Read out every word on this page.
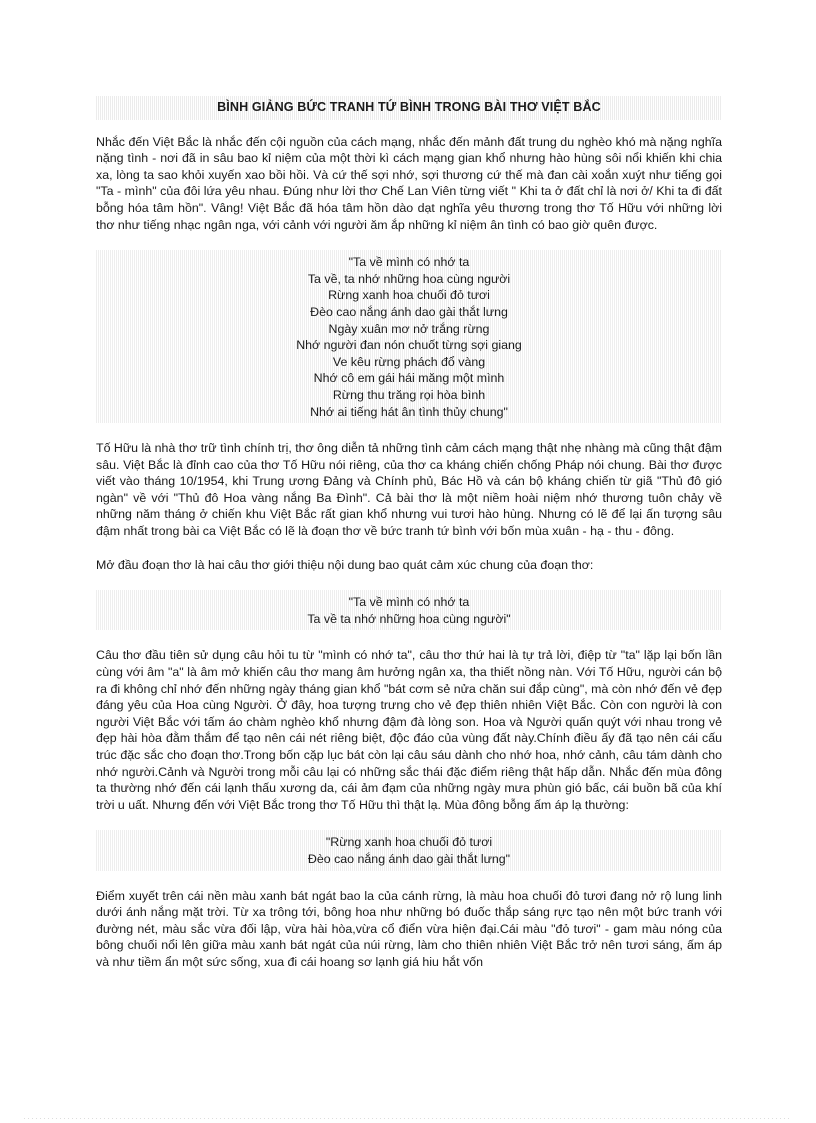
BÌNH GIẢNG BỨC TRANH TỨ BÌNH TRONG BÀI THƠ VIỆT BẮC

Nhắc đến Việt Bắc là nhắc đến cội nguồn của cách mạng, nhắc đến mảnh đất trung du nghèo khó mà nặng nghĩa nặng tình - nơi đã in sâu bao kỉ niệm của một thời kì cách mạng gian khổ nhưng hào hùng sôi nổi khiến khi chia xa, lòng ta sao khỏi xuyến xao bồi hồi. Và cứ thế sợi nhớ, sợi thương cứ thế mà đan cài xoắn xuýt như tiếng gọi "Ta - mình" của đôi lứa yêu nhau. Đúng như lời thơ Chế Lan Viên từng viết " Khi ta ở đất chỉ là nơi ở/ Khi ta đi đất bỗng hóa tâm hồn". Vâng! Việt Bắc đã hóa tâm hồn dào dạt nghĩa yêu thương trong thơ Tố Hữu với những lời thơ như tiếng nhạc ngân nga, với cảnh với người ăm ắp những kỉ niệm ân tình có bao giờ quên được.

"Ta về mình có nhớ ta
Ta về, ta nhớ những hoa cùng người
Rừng xanh hoa chuối đỏ tươi
Đèo cao nắng ánh dao gài thắt lưng
Ngày xuân mơ nở trắng rừng
Nhớ người đan nón chuốt từng sợi giang
Ve kêu rừng phách đổ vàng
Nhớ cô em gái hái măng một mình
Rừng thu trăng rọi hòa bình
Nhớ ai tiếng hát ân tình thủy chung"

Tố Hữu là nhà thơ trữ tình chính trị, thơ ông diễn tả những tình cảm cách mạng thật nhẹ nhàng mà cũng thật đậm sâu. Việt Bắc là đỉnh cao của thơ Tố Hữu nói riêng, của thơ ca kháng chiến chống Pháp nói chung. Bài thơ được viết vào tháng 10/1954, khi Trung ương Đảng và Chính phủ, Bác Hồ và cán bộ kháng chiến từ giã "Thủ đô gió ngàn" về với "Thủ đô Hoa vàng nắng Ba Đình". Cả bài thơ là một niềm hoài niệm nhớ thương tuôn chảy về những năm tháng ở chiến khu Việt Bắc rất gian khổ nhưng vui tươi hào hùng. Nhưng có lẽ để lại ấn tượng sâu đậm nhất trong bài ca Việt Bắc có lẽ là đoạn thơ về bức tranh tứ bình với bốn mùa xuân - hạ - thu - đông.

Mở đầu đoạn thơ là hai câu thơ giới thiệu nội dung bao quát cảm xúc chung của đoạn thơ:

"Ta về mình có nhớ ta
Ta về ta nhớ những hoa cùng người"

Câu thơ đầu tiên sử dụng câu hỏi tu từ "mình có nhớ ta", câu thơ thứ hai là tự trả lời, điệp từ "ta" lặp lại bốn lần cùng với âm "a" là âm mở khiến câu thơ mang âm hưởng ngân xa, tha thiết nồng nàn. Với Tố Hữu, người cán bộ ra đi không chỉ nhớ đến những ngày tháng gian khổ "bát cơm sẻ nửa chăn sui đắp cùng", mà còn nhớ đến vẻ đẹp đáng yêu của Hoa cùng Người. Ở đây, hoa tượng trưng cho vẻ đẹp thiên nhiên Việt Bắc. Còn con người là con người Việt Bắc với tấm áo chàm nghèo khổ nhưng đậm đà lòng son. Hoa và Người quấn quýt với nhau trong vẻ đẹp hài hòa đằm thắm để tạo nên cái nét riêng biệt, độc đáo của vùng đất này.Chính điều ấy đã tạo nên cái cấu trúc đặc sắc cho đoạn thơ.Trong bốn cặp lục bát còn lại câu sáu dành cho nhớ hoa, nhớ cảnh, câu tám dành cho nhớ người.Cảnh và Người trong mỗi câu lại có những sắc thái đặc điểm riêng thật hấp dẫn. Nhắc đến mùa đông ta thường nhớ đến cái lạnh thấu xương da, cái ảm đạm của những ngày mưa phùn gió bấc, cái buồn bã của khí trời u uất. Nhưng đến với Việt Bắc trong thơ Tố Hữu thì thật lạ. Mùa đông bỗng ấm áp lạ thường:

"Rừng xanh hoa chuối đỏ tươi
Đèo cao nắng ánh dao gài thắt lưng"

Điểm xuyết trên cái nền màu xanh bát ngát bao la của cánh rừng, là màu hoa chuối đỏ tươi đang nở rộ lung linh dưới ánh nắng mặt trời. Từ xa trông tới, bông hoa như những bó đuốc thắp sáng rực tạo nên một bức tranh với đường nét, màu sắc vừa đối lập, vừa hài hòa,vừa cổ điển vừa hiện đại.Cái màu "đỏ tươi" - gam màu nóng của bông chuối nổi lên giữa màu xanh bát ngát của núi rừng, làm cho thiên nhiên Việt Bắc trở nên tươi sáng, ấm áp và như tiềm ẩn một sức sống, xua đi cái hoang sơ lạnh giá hiu hắt vốn
